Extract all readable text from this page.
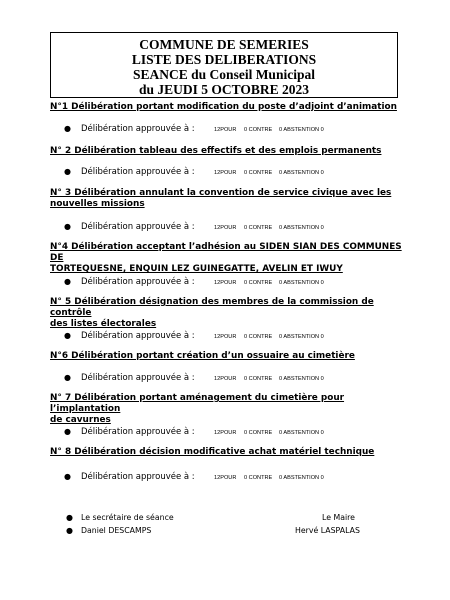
COMMUNE DE SEMERIES
LISTE DES DELIBERATIONS
SEANCE du Conseil Municipal
du JEUDI 5 OCTOBRE 2023
N°1 Délibération portant modification du poste d’adjoint d’animation
● Délibération approuvée à :	12POUR 0 CONTRE 0 ABSTENTION 0
N° 2 Délibération tableau des effectifs et des emplois permanents
● Délibération approuvée à :	12POUR 0 CONTRE 0 ABSTENTION 0
N° 3 Délibération annulant la convention de service civique avec les
nouvelles missions
● Délibération approuvée à :	12POUR 0 CONTRE 0 ABSTENTION 0
N°4 Délibération acceptant l’adhésion au SIDEN SIAN DES COMMUNES DE
TORTEQUESNE, ENQUIN LEZ GUINEGATTE, AVELIN ET IWUY
● Délibération approuvée à :	12POUR 0 CONTRE 0 ABSTENTION 0
N° 5 Délibération désignation des membres de la commission de contrôle
des listes électorales
● Délibération approuvée à :	12POUR 0 CONTRE 0 ABSTENTION 0
N°6 Délibération portant création d’un ossuaire au cimetière
● Délibération approuvée à :	12POUR 0 CONTRE 0 ABSTENTION 0
N° 7 Délibération portant aménagement du cimetière pour l’implantation
de cavurnes
● Délibération approuvée à :	12POUR 0 CONTRE 0 ABSTENTION 0
N° 8 Délibération décision modificative achat matériel technique
● Délibération approuvée à :	12POUR 0 CONTRE 0 ABSTENTION 0
● Le secrétaire de séance	Le Maire
● Daniel DESCAMPS	Hervé LASPALAS
